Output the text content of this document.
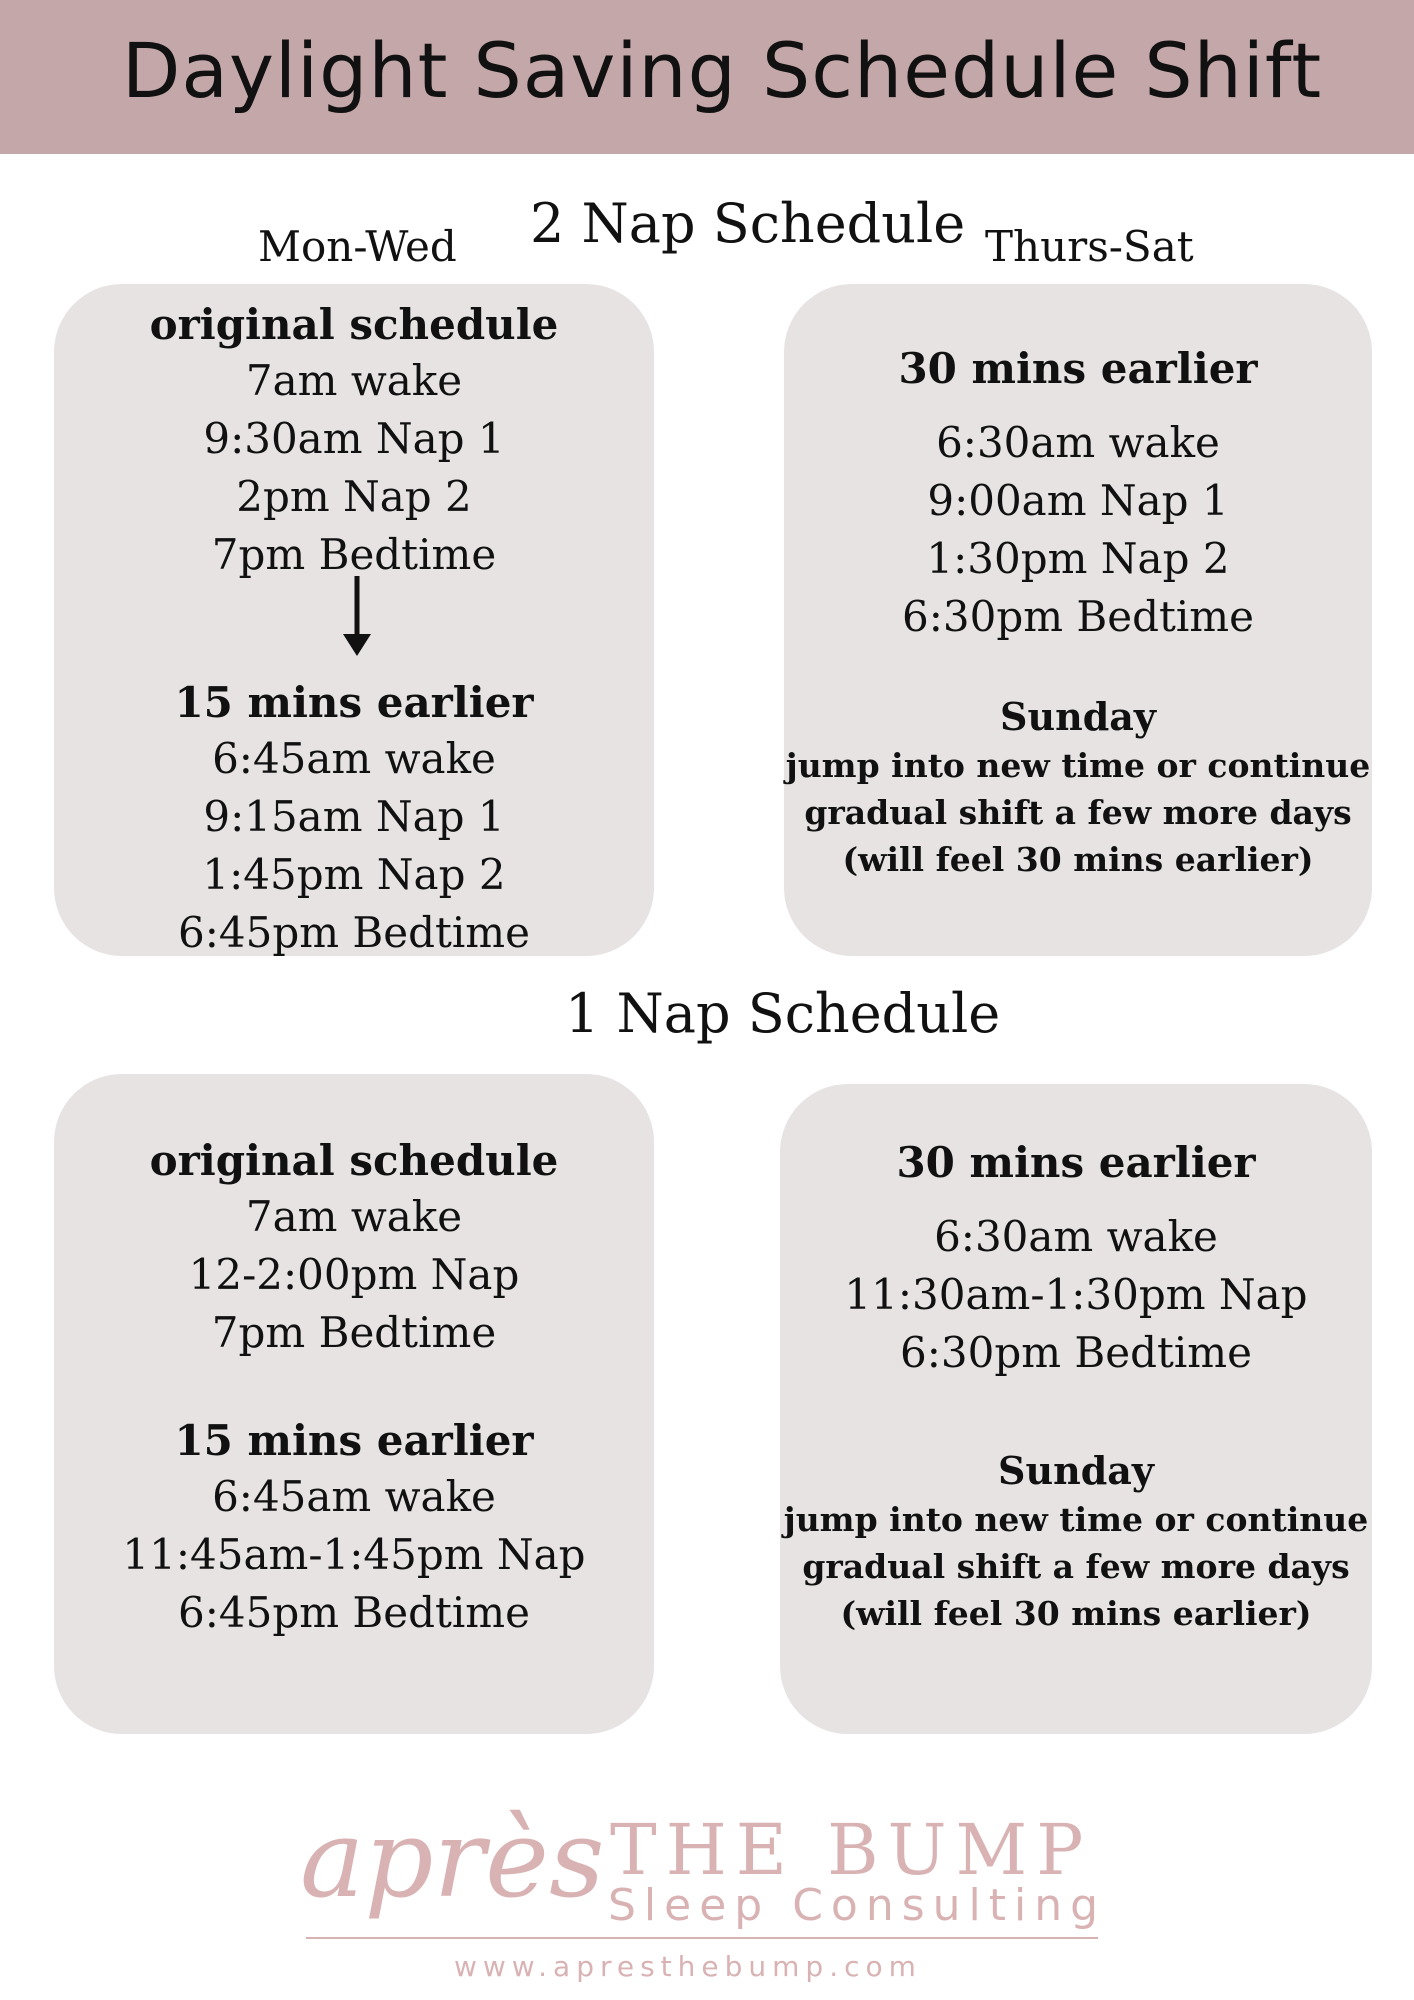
Daylight Saving Schedule Shift
2 Nap Schedule
Mon-Wed	Thurs-Sat
original schedule
7am wake
9:30am Nap 1
2pm Nap 2
7pm Bedtime
15 mins earlier
6:45am wake
9:15am Nap 1
1:45pm Nap 2
6:45pm Bedtime
30 mins earlier
6:30am wake
9:00am Nap 1
1:30pm Nap 2
6:30pm Bedtime
Sunday
jump into new time or continue
gradual shift a few more days
(will feel 30 mins earlier)
1 Nap Schedule
original schedule
7am wake
12-2:00pm Nap
7pm Bedtime
15 mins earlier
6:45am wake
11:45am-1:45pm Nap
6:45pm Bedtime
30 mins earlier
6:30am wake
11:30am-1:30pm Nap
6:30pm Bedtime
Sunday
jump into new time or continue
gradual shift a few more days
(will feel 30 mins earlier)
après THE BUMP
Sleep Consulting
www.apresthebump.com
